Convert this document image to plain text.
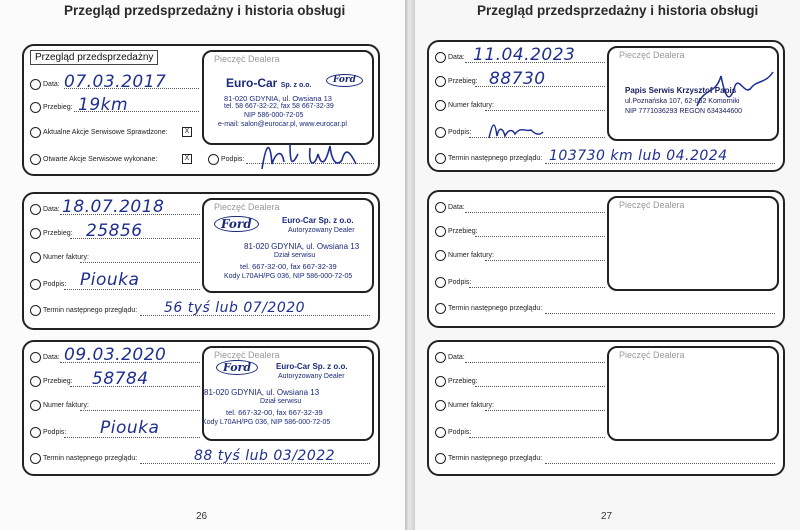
Przegląd przedsprzedażny i historia obsługi
Przegląd przedsprzedażny
Data: 07.03.2017
Przebieg: 19km
Aktualne Akcje Serwisowe Sprawdzone:	X
Otwarte Akcje Serwisowe wykonane:	X
Pieczęć Dealera
Euro-Car Sp. z o.o.
Ford
81-020 GDYNIA, ul. Owsiana 13
tel. 58 667-32-22, fax 58 667-32-39
NIP 586-000-72-05
e-mail: salon@eurocar.pl, www.eurocar.pl
Podpis:
Data: 18.07.2018
Przebieg: 25856
Numer faktury:
Podpis: Piouka
Termin następnego przeglądu: 56 tyś lub 07/2020
Pieczęć Dealera
Ford	Euro-Car Sp. z o.o.
Autoryzowany Dealer
81-020 GDYNIA, ul. Owsiana 13
Dział serwisu
tel. 667-32-00, fax 667-32-39
Kody L70AH/PG 036, NIP 586-000-72-05
Data: 09.03.2020
Przebieg: 58784
Numer faktury:
Podpis: Piouka
Termin następnego przeglądu:	88 tyś lub 03/2022
Pieczęć Dealera
Ford	Euro-Car Sp. z o.o.
Autoryzowany Dealer
81-020 GDYNIA, ul. Owsiana 13
Dział serwisu
tel. 667-32-00, fax 667-32-39
Kody L70AH/PG 036, NIP 586-000-72-05
26
Przegląd przedsprzedażny i historia obsługi
Data: 11.04.2023
Przebieg: 88730
Numer faktury:
Podpis:
Termin następnego przeglądu: 103730 km lub 04.2024
Pieczęć Dealera
Papis Serwis Krzysztof Papis
ul.Poznańska 107, 62-052 Komorniki
NIP 7771036293 REGON 634344600
Data:
Przebieg:
Numer faktury:
Podpis:
Termin następnego przeglądu:
Pieczęć Dealera
Data:
Przebieg:
Numer faktury:
Podpis:
Termin następnego przeglądu:
Pieczęć Dealera
27
